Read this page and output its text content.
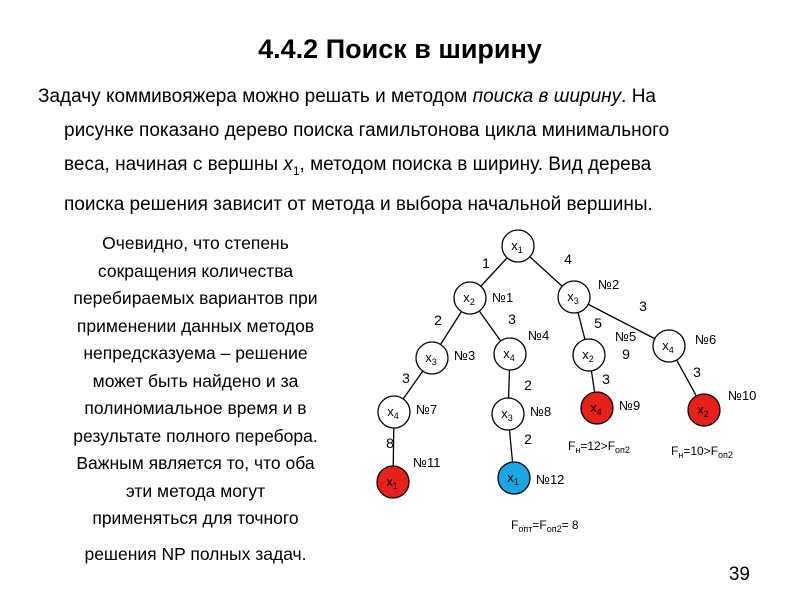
4.4.2 Поиск в ширину
Задачу коммивояжера можно решать и методом поиска в ширину. На
рисунке показано дерево поиска гамильтонова цикла минимального
веса, начиная с вершны $x_1$, методом поиска в ширину. Вид дерева
поиска решения зависит от метода и выбора начальной вершины.
Очевидно, что степень
сокращения количества
перебираемых вариантов при
применении данных методов
непредсказуема – решение
может быть найдено и за
полиномиальное время и в
результате полного перебора.
Важным является то, что оба
эти метода могут
применяться для точного
решения NP полных задач.
1	4
2	3	5
3
3	2	3	3
8	2
$x_1$
$x_2$ №1	$x_3$
№2
$x_3$ №3 $x_4$
№4
$x_2$
№5
$x_4$
№6
$x_4$ №7	$x_3$ №8	$x_4$ №9	$x_2$
№10
$x_1$
№11
$x_1$ №12
9
$F_н=12>F_{оп2}$	$F_н=10>F_{оп2}$
$F_{опт}=F_{оп2}= 8$
39
